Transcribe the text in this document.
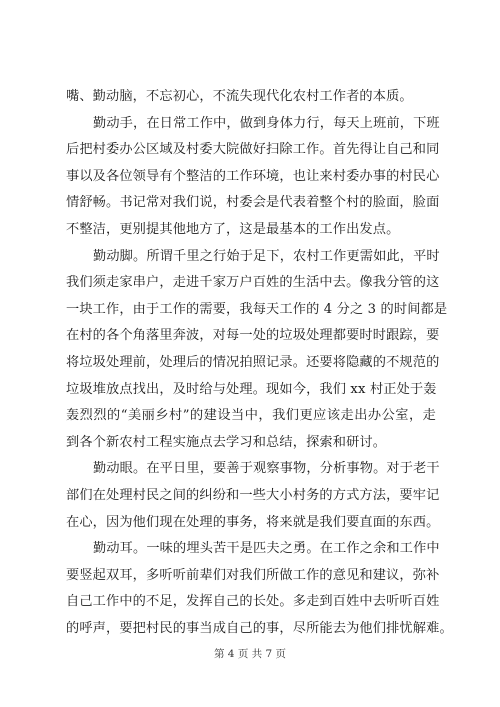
嘴、勤动脑，不忘初心，不流失现代化农村工作者的本质。
勤动手，在日常工作中，做到身体力行，每天上班前，下班
后把村委办公区域及村委大院做好扫除工作。首先得让自己和同
事以及各位领导有个整洁的工作环境，也让来村委办事的村民心
情舒畅。书记常对我们说，村委会是代表着整个村的脸面，脸面
不整洁，更别提其他地方了，这是最基本的工作出发点。
勤动脚。所谓千里之行始于足下，农村工作更需如此，平时
我们须走家串户，走进千家万户百姓的生活中去。像我分管的这
一块工作，由于工作的需要，我每天工作的 4 分之 3 的时间都是
在村的各个角落里奔波，对每一处的垃圾处理都要时时跟踪，要
将垃圾处理前，处理后的情况拍照记录。还要将隐藏的不规范的
垃圾堆放点找出，及时给与处理。现如今，我们 xx 村正处于轰
轰烈烈的“美丽乡村”的建设当中，我们更应该走出办公室，走
到各个新农村工程实施点去学习和总结，探索和研讨。
勤动眼。在平日里，要善于观察事物，分析事物。对于老干
部们在处理村民之间的纠纷和一些大小村务的方式方法，要牢记
在心，因为他们现在处理的事务，将来就是我们要直面的东西。
勤动耳。一味的埋头苦干是匹夫之勇。在工作之余和工作中
要竖起双耳，多听听前辈们对我们所做工作的意见和建议，弥补
自己工作中的不足，发挥自己的长处。多走到百姓中去听听百姓
的呼声，要把村民的事当成自己的事，尽所能去为他们排忧解难。
第 4 页 共 7 页
